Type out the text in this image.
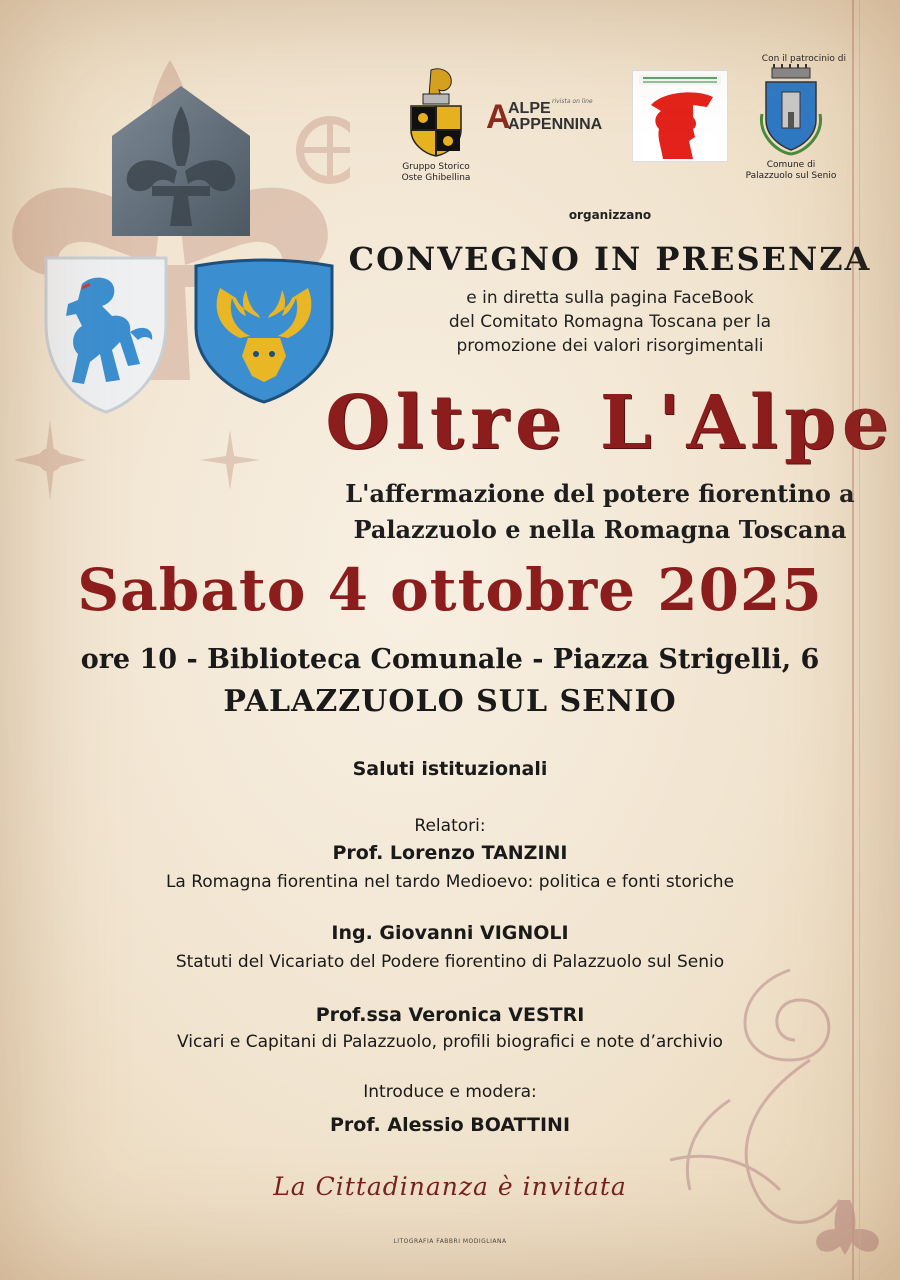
Gruppo Storico
Oste Ghibellina
A
ALPE
APPENNINA
rivista on line
Con il patrocinio di
Comune di
Palazzuolo sul Senio
organizzano
CONVEGNO IN PRESENZA
e in diretta sulla pagina FaceBook
del Comitato Romagna Toscana per la
promozione dei valori risorgimentali
Oltre L'Alpe
L'affermazione del potere fiorentino a
Palazzuolo e nella Romagna Toscana
Sabato 4 ottobre 2025
ore 10 - Biblioteca Comunale - Piazza Strigelli, 6
PALAZZUOLO SUL SENIO
Saluti istituzionali
Relatori:
Prof. Lorenzo TANZINI
La Romagna fiorentina nel tardo Medioevo: politica e fonti storiche
Ing. Giovanni VIGNOLI
Statuti del Vicariato del Podere fiorentino di Palazzuolo sul Senio
Prof.ssa Veronica VESTRI
Vicari e Capitani di Palazzuolo, profili biografici e note d’archivio
Introduce e modera:
Prof. Alessio BOATTINI
La Cittadinanza è invitata
LITOGRAFIA FABBRI MODIGLIANA
